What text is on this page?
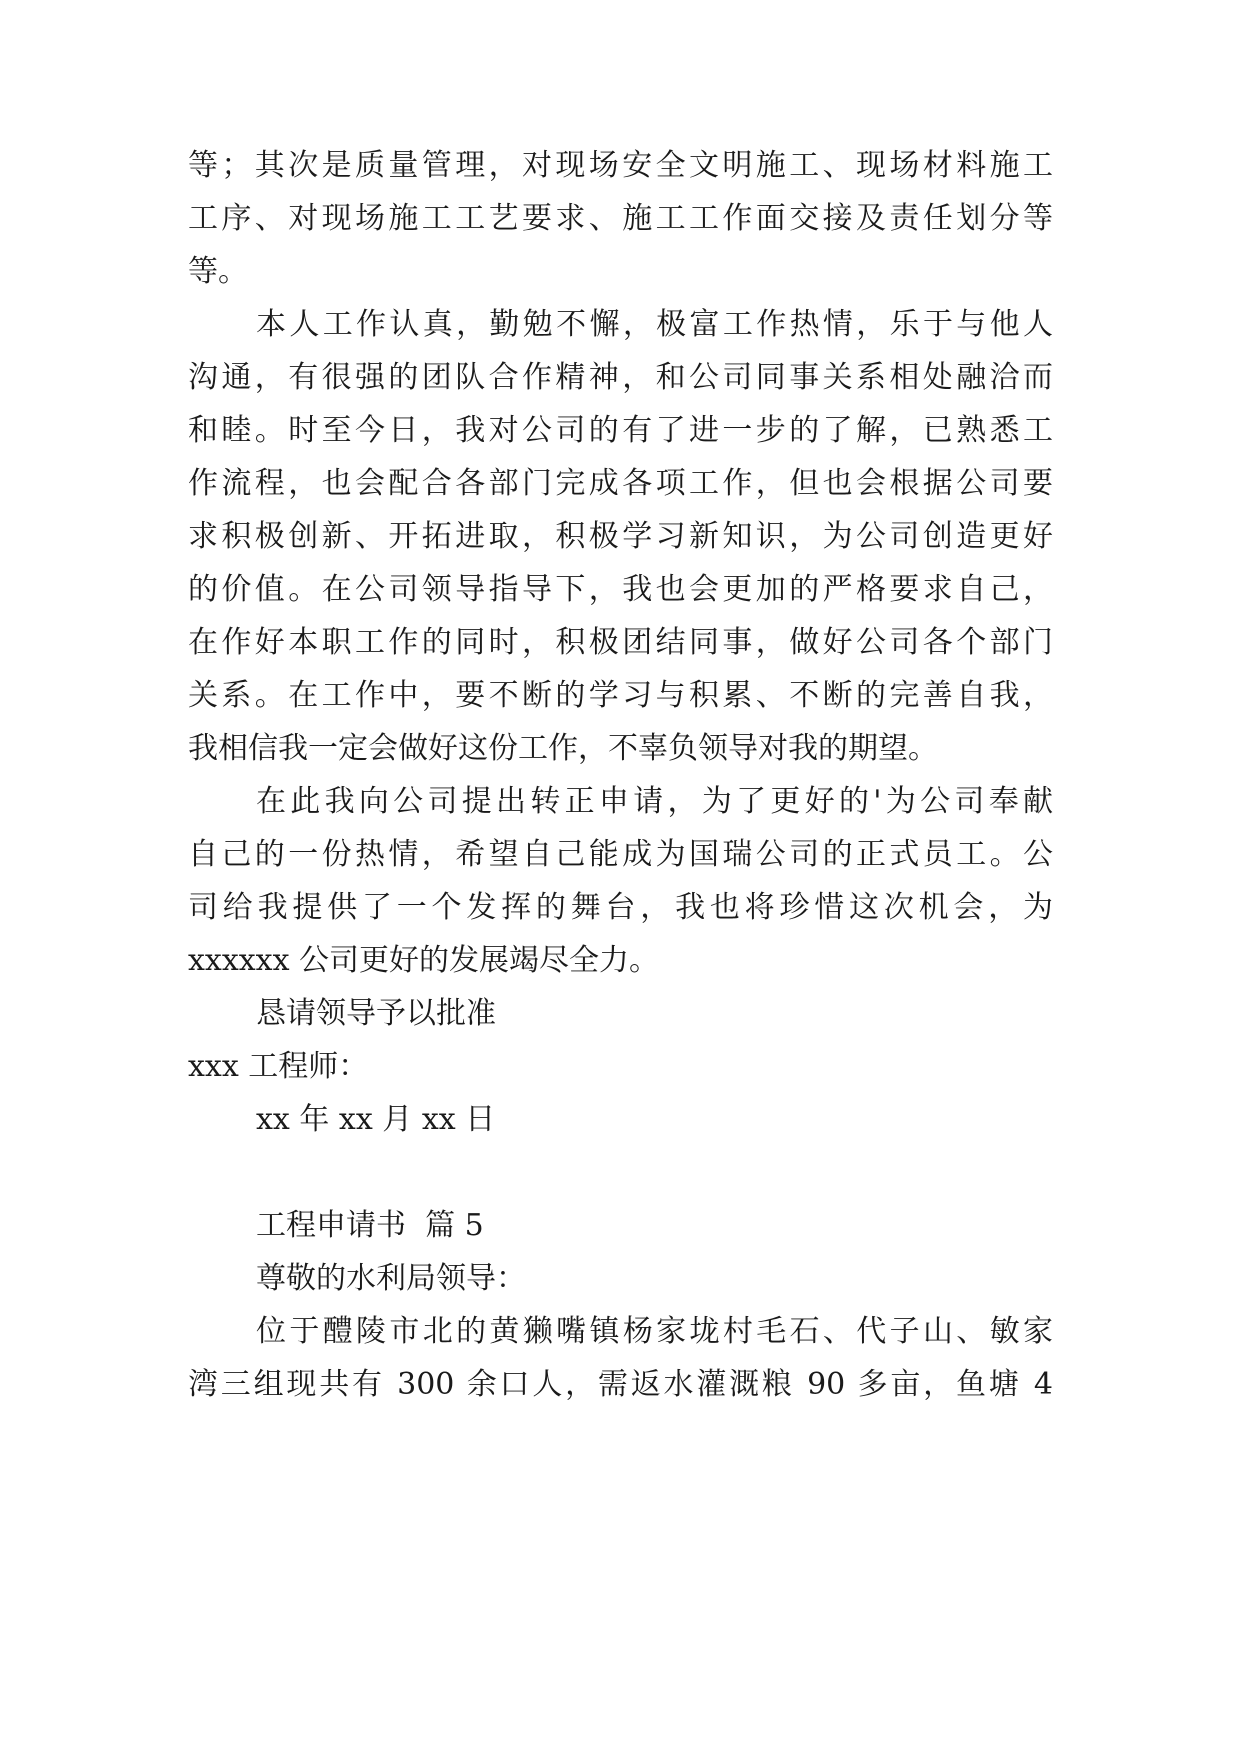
等；其次是质量管理，对现场安全文明施工、现场材料施工
工序、对现场施工工艺要求、施工工作面交接及责任划分等
等。
本人工作认真，勤勉不懈，极富工作热情，乐于与他人
沟通，有很强的团队合作精神，和公司同事关系相处融洽而
和睦。时至今日，我对公司的有了进一步的了解，已熟悉工
作流程，也会配合各部门完成各项工作，但也会根据公司要
求积极创新、开拓进取，积极学习新知识，为公司创造更好
的价值。在公司领导指导下，我也会更加的严格要求自己，
在作好本职工作的同时，积极团结同事，做好公司各个部门
关系。在工作中，要不断的学习与积累、不断的完善自我，
我相信我一定会做好这份工作，不辜负领导对我的期望。
在此我向公司提出转正申请，为了更好的'为公司奉献
自己的一份热情，希望自己能成为国瑞公司的正式员工。公
司给我提供了一个发挥的舞台，我也将珍惜这次机会，为
xxxxxx 公司更好的发展竭尽全力。
恳请领导予以批准
xxx 工程师：
xx 年 xx 月 xx 日
工程申请书  篇 5
尊敬的水利局领导：
位于醴陵市北的黄獭嘴镇杨家垅村毛石、代子山、敏家
湾三组现共有 300 余口人，需返水灌溉粮 90 多亩，鱼塘 4
